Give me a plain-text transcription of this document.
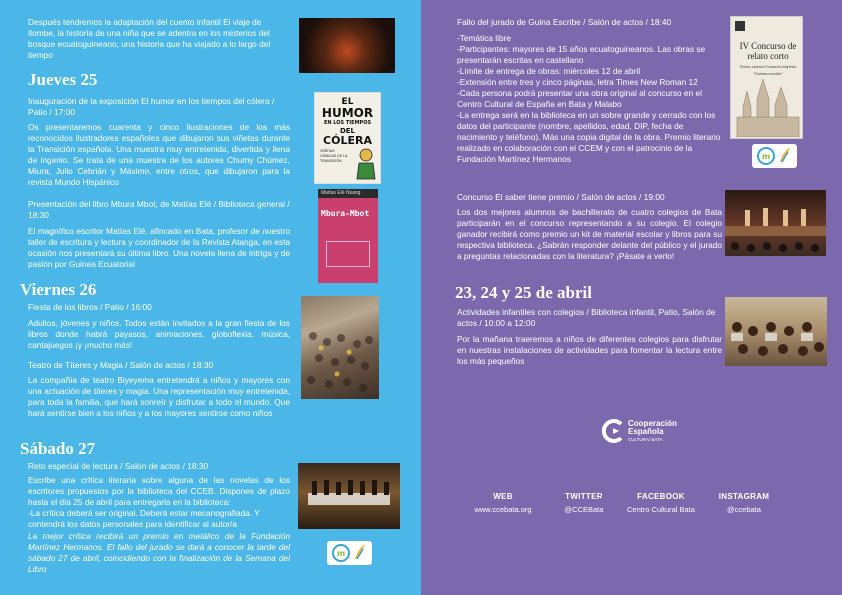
Después tendremos la adaptación del cuento infantil El viaje de Ilombe, la historia de una niña que se adentra en los misterios del bosque ecuatoguineano, una historia que ha viajado a lo largo del tiempo
Jueves 25
Inauguración de la exposición El humor en los tiempos del cólera / Patio / 17:00
Os presentaremos cuarenta y cinco ilustraciones de los más reconocidos ilustradores españoles que dibujaron sus viñetas durante la Transición española. Una muestra muy entretenida, divertida y llena de ingenio. Se trata de una muestra de los autores Chumy Chúmez, Miura, Julio Cebrián y Máximo, entre otros, que dibujaron para la revista Mundo Hispánico
EL
HUMOR
EN LOS TIEMPOS
DEL
CÓLERA
VIÑETAS CÓMICAS DE LA TRANSICIÓN
Presentación del libro Mbura Mbot, de Matías Elé / Biblioteca general / 18:30
El magnífico escritor Matías Elé, afincado en Bata, profesor de nuestro taller de escritura y lectura y coordinador de la Revista Atanga, en esta ocasión nos presentará su última libro. Una novela llena de intriga y de pasión por Guinea Ecuatorial
Matías Elé Nsang
Mbura-Mbot
Viernes 26
Fiesta de los libros / Patio / 16:00
Adultos, jóvenes y niños. Todos están invitados a la gran fiesta de los libros donde habrá payasos, animaciones, globoflexia, música, cantajuegos ¡y ¡mucho más!
Teatro de Títeres y Magia / Salón de actos / 18:30
La compañía de teatro Biyeyema entretendrá a niños y mayores con una actuación de títeres y magia. Una representación muy entretenida, para toda la familia, que hará sonreír y disfrutar a todo el mundo. Que hará sentirse bien a los niños y a los mayores sentirse como niños
Sábado 27
Reto especial de lectura / Salón de actos / 18:30
Escribe una crítica literaria sobre alguna de las novelas de los escritores propuestos por la biblioteca del CCEB. Dispones de plazo hasta el día 25 de abril para entregarla en la biblioteca:
-La crítica deberá ser original. Deberá estar mecanografiada. Y contendrá los datos personales para identificar al autor/a
La mejor crítica recibirá un premio en metálico de la Fundación Martínez Hermanos. El fallo del jurado se dará a conocer la tarde del sábado 27 de abril, coincidiendo con la finalización de la Semana del Libro
m
Fallo del jurado de Guina Escribe / Salón de actos / 18:40
-Temática libre
-Participantes: mayores de 15 años ecuatoguineanos. Las obras se presentarán escritas en castellano
-Límite de entrega de obras: miércoles 12 de abril
-Extensión entre tres y cinco páginas, letra Times New Roman 12
-Cada persona podrá presentar una obra original al concurso en el Centro Cultural de España en Bata y Malabo
-La entrega será en la biblioteca en un sobre grande y cerrado con los datos del participante (nombre, apellidos, edad, DIP, fecha de nacimiento y teléfono). Más una copia digital de la obra. Premio literario realizado en colaboración con el CCEM y con el patrocinio de la Fundación Martínez Hermanos
IV Concurso de relato corto
Premio Literario Fundación Martínez
"Guinea escribe"
m
Concurso El saber tiene premio / Salón de actos / 19:00
Los dos mejores alumnos de bachillerato de cuatro colegios de Bata participarán en el concurso representando a su colegio. El colegio ganador recibirá como premio un kit de material escolar y libros para su respectiva biblioteca. ¿Sabrán responder delante del público y el jurado a preguntas relacionadas con la literatura? ¡Pásate a verlo!
23, 24 y 25 de abril
Actividades infantiles con colegios / Biblioteca infantil, Patio, Salón de actos / 10:00 a 12:00
Por la mañana traeremos a niños de diferentes colegios para disfrutar en nuestras instalaciones de actividades para fomentar la lectura entre los más pequeños
Cooperación
Española
CULTURA/ BATA
WEB
www.ccebata.org
TWITTER
@CCEBata
FACEBOOK
Centro Cultural Bata
INSTAGRAM
@ccebata
